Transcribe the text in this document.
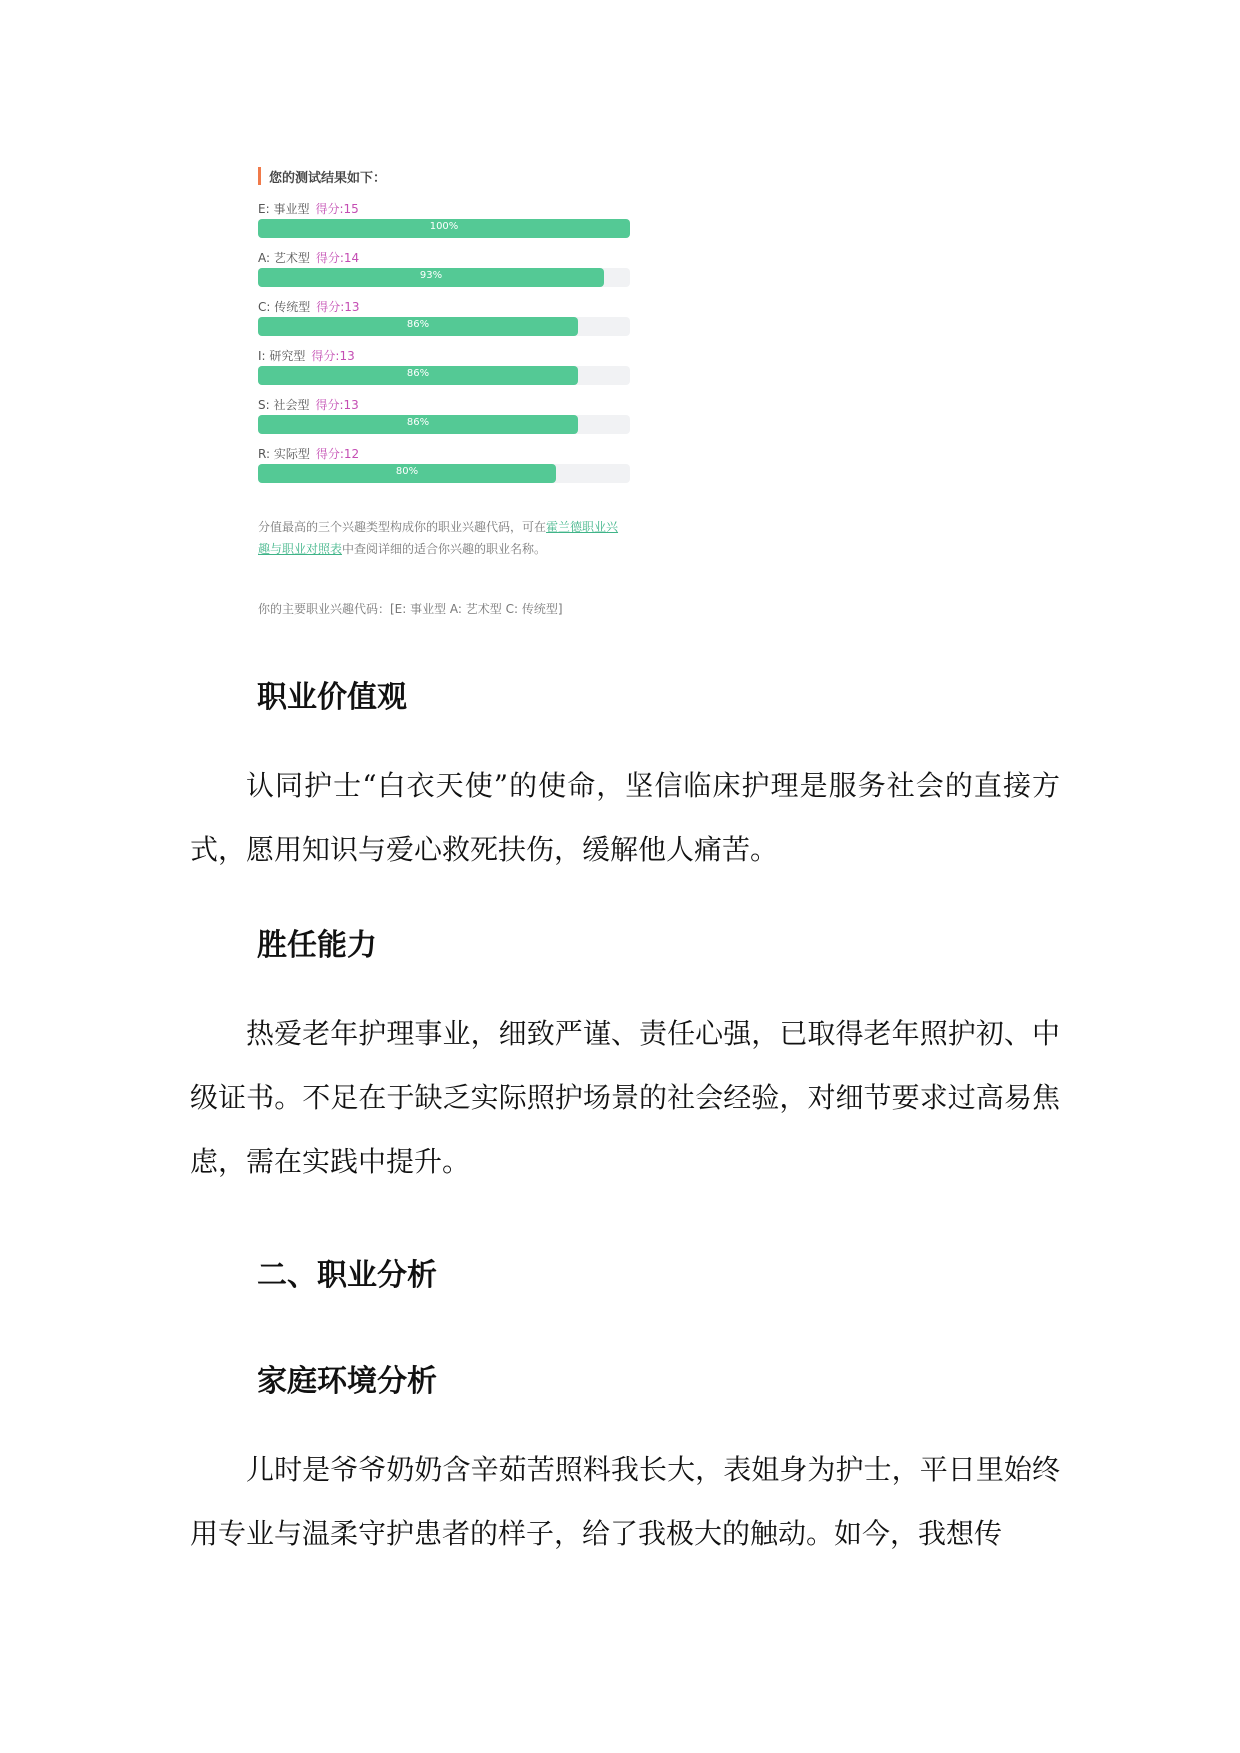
您的测试结果如下：
E: 事业型 得分:15
100%
A: 艺术型 得分:14
93%
C: 传统型 得分:13
86%
I: 研究型 得分:13
86%
S: 社会型 得分:13
86%
R: 实际型 得分:12
80%
分值最高的三个兴趣类型构成你的职业兴趣代码，可在霍兰德职业兴趣与职业对照表中查阅详细的适合你兴趣的职业名称。
你的主要职业兴趣代码：[E: 事业型 A: 艺术型 C: 传统型]
职业价值观
认同护士“白衣天使”的使命，坚信临床护理是服务社会的直接方式，愿用知识与爱心救死扶伤，缓解他人痛苦。
胜任能力
热爱老年护理事业，细致严谨、责任心强，已取得老年照护初、中级证书。不足在于缺乏实际照护场景的社会经验，对细节要求过高易焦虑，需在实践中提升。
二、职业分析
家庭环境分析
儿时是爷爷奶奶含辛茹苦照料我长大，表姐身为护士，平日里始终用专业与温柔守护患者的样子，给了我极大的触动。如今，我想传
